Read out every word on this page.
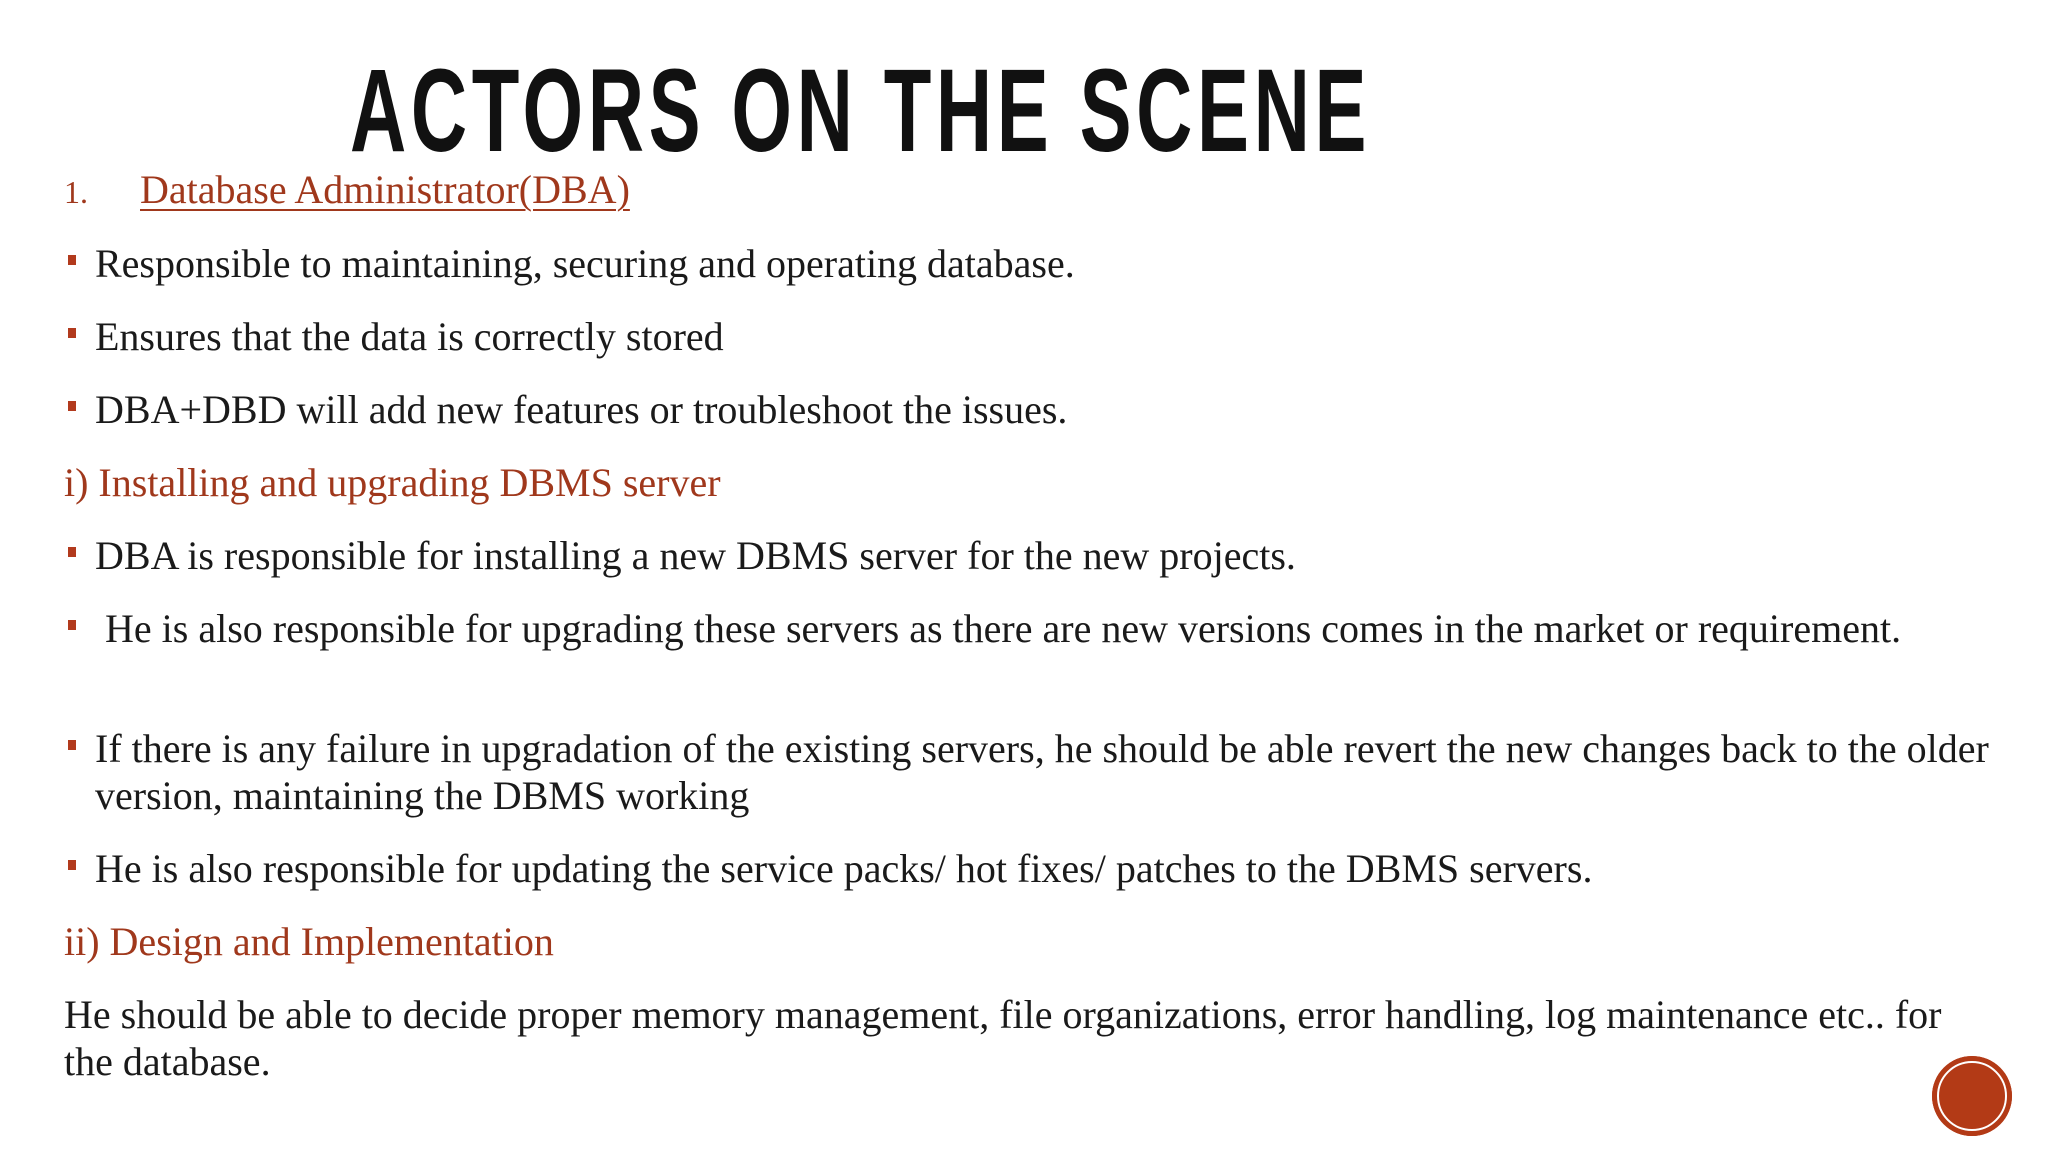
ACTORS ON THE SCENE
1. Database Administrator(DBA)
Responsible to maintaining, securing and operating database.
Ensures that the data is correctly stored
DBA+DBD will add new features or troubleshoot the issues.
i) Installing and upgrading DBMS server
DBA is responsible for installing a new DBMS server for the new projects.
He is also responsible for upgrading these servers as there are new versions comes in the market or requirement.
If there is any failure in upgradation of the existing servers, he should be able revert the new changes back to the older version, maintaining the DBMS working
He is also responsible for updating the service packs/ hot fixes/ patches to the DBMS servers.
ii) Design and Implementation
He should be able to decide proper memory management, file organizations, error handling, log maintenance etc.. for the database.
